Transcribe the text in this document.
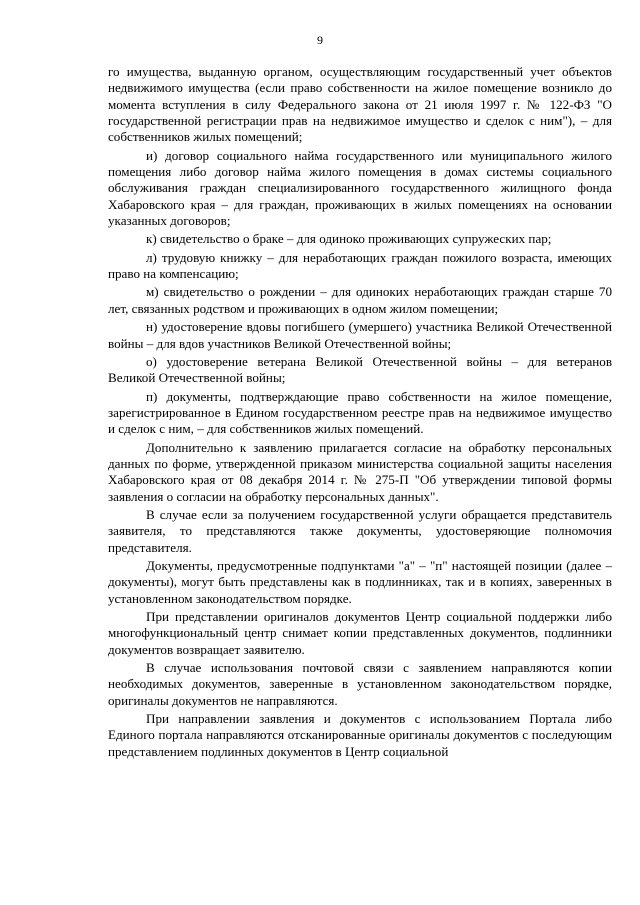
9

го имущества, выданную органом, осуществляющим государственный учет объектов недвижимого имущества (если право собственности на жилое помещение возникло до момента вступления в силу Федерального закона от 21 июля 1997 г. № 122-ФЗ "О государственной регистрации прав на недвижимое имущество и сделок с ним"), – для собственников жилых помещений;

и) договор социального найма государственного или муниципального жилого помещения либо договор найма жилого помещения в домах системы социального обслуживания граждан специализированного государственного жилищного фонда Хабаровского края – для граждан, проживающих в жилых помещениях на основании указанных договоров;

к) свидетельство о браке – для одиноко проживающих супружеских пар;

л) трудовую книжку – для неработающих граждан пожилого возраста, имеющих право на компенсацию;

м) свидетельство о рождении – для одиноких неработающих граждан старше 70 лет, связанных родством и проживающих в одном жилом помещении;

н) удостоверение вдовы погибшего (умершего) участника Великой Отечественной войны – для вдов участников Великой Отечественной войны;

о) удостоверение ветерана Великой Отечественной войны – для ветеранов Великой Отечественной войны;

п) документы, подтверждающие право собственности на жилое помещение, зарегистрированное в Едином государственном реестре прав на недвижимое имущество и сделок с ним, – для собственников жилых помещений.

Дополнительно к заявлению прилагается согласие на обработку персональных данных по форме, утвержденной приказом министерства социальной защиты населения Хабаровского края от 08 декабря 2014 г. № 275-П "Об утверждении типовой формы заявления о согласии на обработку персональных данных".

В случае если за получением государственной услуги обращается представитель заявителя, то представляются также документы, удостоверяющие полномочия представителя.

Документы, предусмотренные подпунктами "а" – "п" настоящей позиции (далее – документы), могут быть представлены как в подлинниках, так и в копиях, заверенных в установленном законодательством порядке.

При представлении оригиналов документов Центр социальной поддержки либо многофункциональный центр снимает копии представленных документов, подлинники документов возвращает заявителю.

В случае использования почтовой связи с заявлением направляются копии необходимых документов, заверенные в установленном законодательством порядке, оригиналы документов не направляются.

При направлении заявления и документов с использованием Портала либо Единого портала направляются отсканированные оригиналы документов с последующим представлением подлинных документов в Центр социальной
